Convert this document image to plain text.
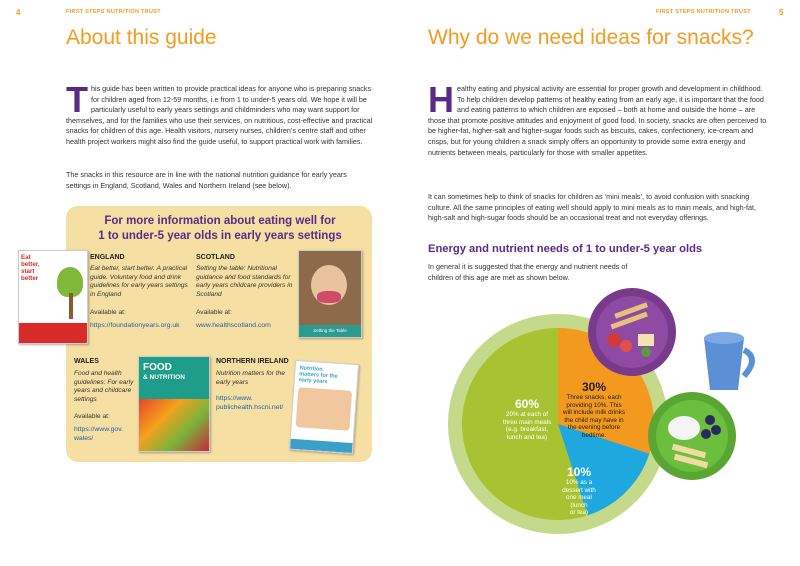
4	FIRST STEPS NUTRITION TRUST
About this guide

This guide has been written to provide practical ideas for anyone who is preparing snacks for children aged from 12-59 months, i.e from 1 to under-5 years old. We hope it will be particularly useful to early years settings and childminders who may want support for themselves, and for the families who use their services, on nutritious, cost-effective and practical snacks for children of this age. Health visitors, nursery nurses, children’s centre staff and other health project workers might also find the guide useful, to support practical work with families.

The snacks in this resource are in line with the national nutrition guidance for early years settings in England, Scotland, Wales and Northern Ireland (see below).

For more information about eating well for
1 to under-5 year olds in early years settings
Eat better, start better
ENGLAND
Eat better, start better. A practical guide. Voluntary food and drink guidelines for early years settings in England
Available at:
https://foundationyears.org.uk
SCOTLAND
Setting the table: Nutritional guidance and food standards for early years childcare providers in Scotland
Available at:
www.healthscotland.com
Setting the Table
WALES
Food and health guidelines: For early years and childcare settings
Available at:
https://www.gov.
wales/
FOOD
& NUTRITION
NORTHERN IRELAND
Nutrition matters for the early years
https://www.
publichealth.hscni.net/
Nutrition matters for the early years
FIRST STEPS NUTRITION TRUST	5
Why do we need ideas for snacks?

Healthy eating and physical activity are essential for proper growth and development in childhood. To help children develop patterns of healthy eating from an early age, it is important that the food and eating patterns to which children are exposed – both at home and outside the home – are those that promote positive attitudes and enjoyment of good food. In society, snacks are often perceived to be higher-fat, higher-salt and higher-sugar foods such as biscuits, cakes, confectionery, ice-cream and crisps, but for young children a snack simply offers an opportunity to provide some extra energy and nutrients between meals, particularly for those with smaller appetites.

It can sometimes help to think of snacks for children as ‘mini meals’, to avoid confusion with snacking culture. All the same principles of eating well should apply to mini meals as to main meals, and high-fat, high-salt and high-sugar foods should be an occasional treat and not everyday offerings.

Energy and nutrient needs of 1 to under-5 year olds

In general it is suggested that the energy and nutrient needs of children of this age are met as shown below.

60%
20% at each of
three main meals
(e.g. breakfast,
lunch and tea)
30%
Three snacks, each
providing 10%. This
will include milk drinks
the child may have in
the evening before
bedtime.
10%
10% as a
dessert with
one meal
(lunch
or tea)
